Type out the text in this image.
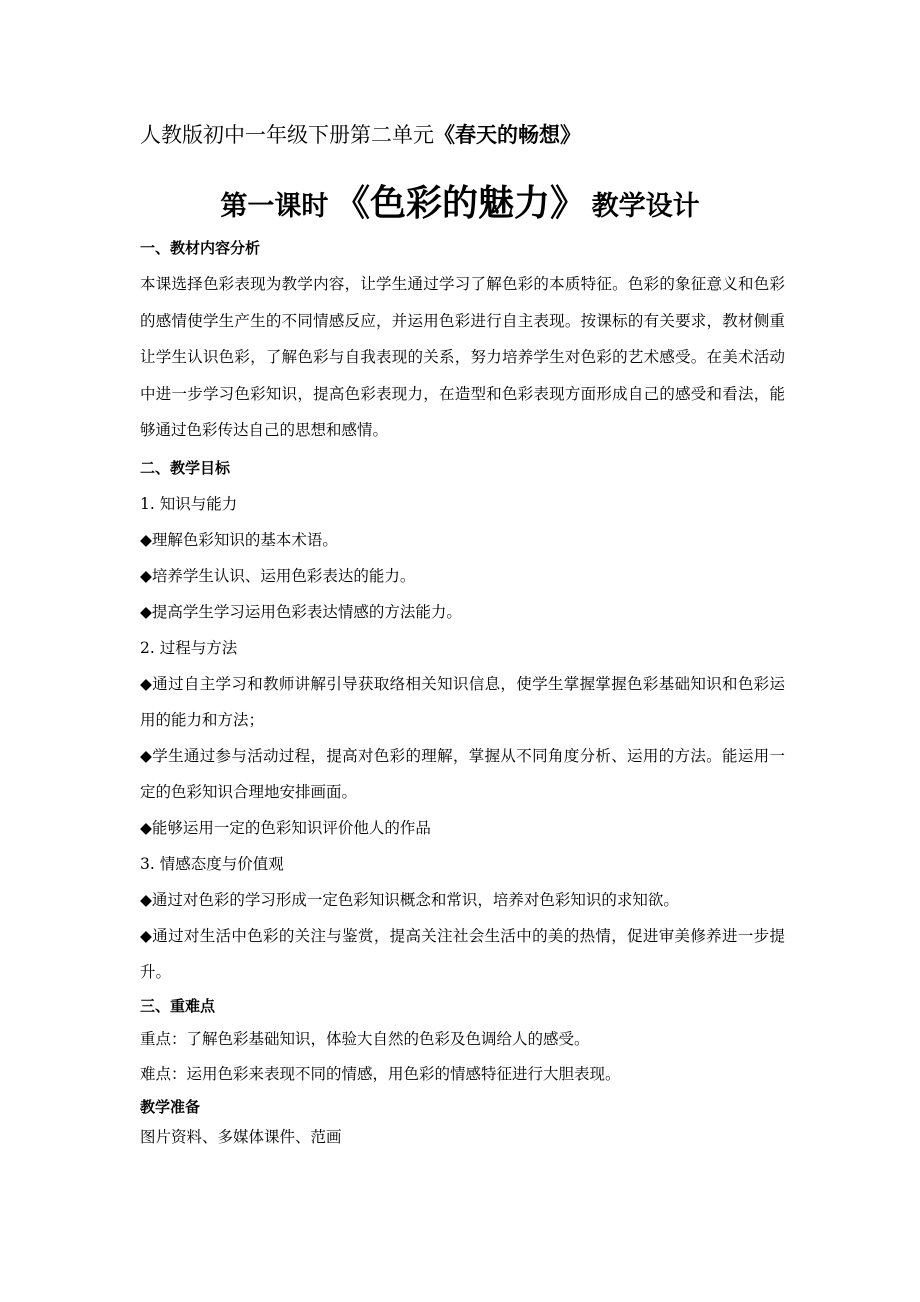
人教版初中一年级下册第二单元《春天的畅想》
第一课时 《色彩的魅力》 教学设计

一、教材内容分析

本课选择色彩表现为教学内容，让学生通过学习了解色彩的本质特征。色彩的象征意义和色彩的感情使学生产生的不同情感反应，并运用色彩进行自主表现。按课标的有关要求，教材侧重让学生认识色彩，了解色彩与自我表现的关系，努力培养学生对色彩的艺术感受。在美术活动中进一步学习色彩知识，提高色彩表现力，在造型和色彩表现方面形成自己的感受和看法，能够通过色彩传达自己的思想和感情。

二、教学目标

1. 知识与能力

◆理解色彩知识的基本术语。

◆培养学生认识、运用色彩表达的能力。

◆提高学生学习运用色彩表达情感的方法能力。

2. 过程与方法

◆通过自主学习和教师讲解引导获取络相关知识信息，使学生掌握掌握色彩基础知识和色彩运用的能力和方法；

◆学生通过参与活动过程，提高对色彩的理解，掌握从不同角度分析、运用的方法。能运用一定的色彩知识合理地安排画面。

◆能够运用一定的色彩知识评价他人的作品

3. 情感态度与价值观

◆通过对色彩的学习形成一定色彩知识概念和常识，培养对色彩知识的求知欲。

◆通过对生活中色彩的关注与鉴赏，提高关注社会生活中的美的热情，促进审美修养进一步提升。

三、重难点

重点：了解色彩基础知识，体验大自然的色彩及色调给人的感受。

难点：运用色彩来表现不同的情感，用色彩的情感特征进行大胆表现。

教学准备

图片资料、多媒体课件、范画
